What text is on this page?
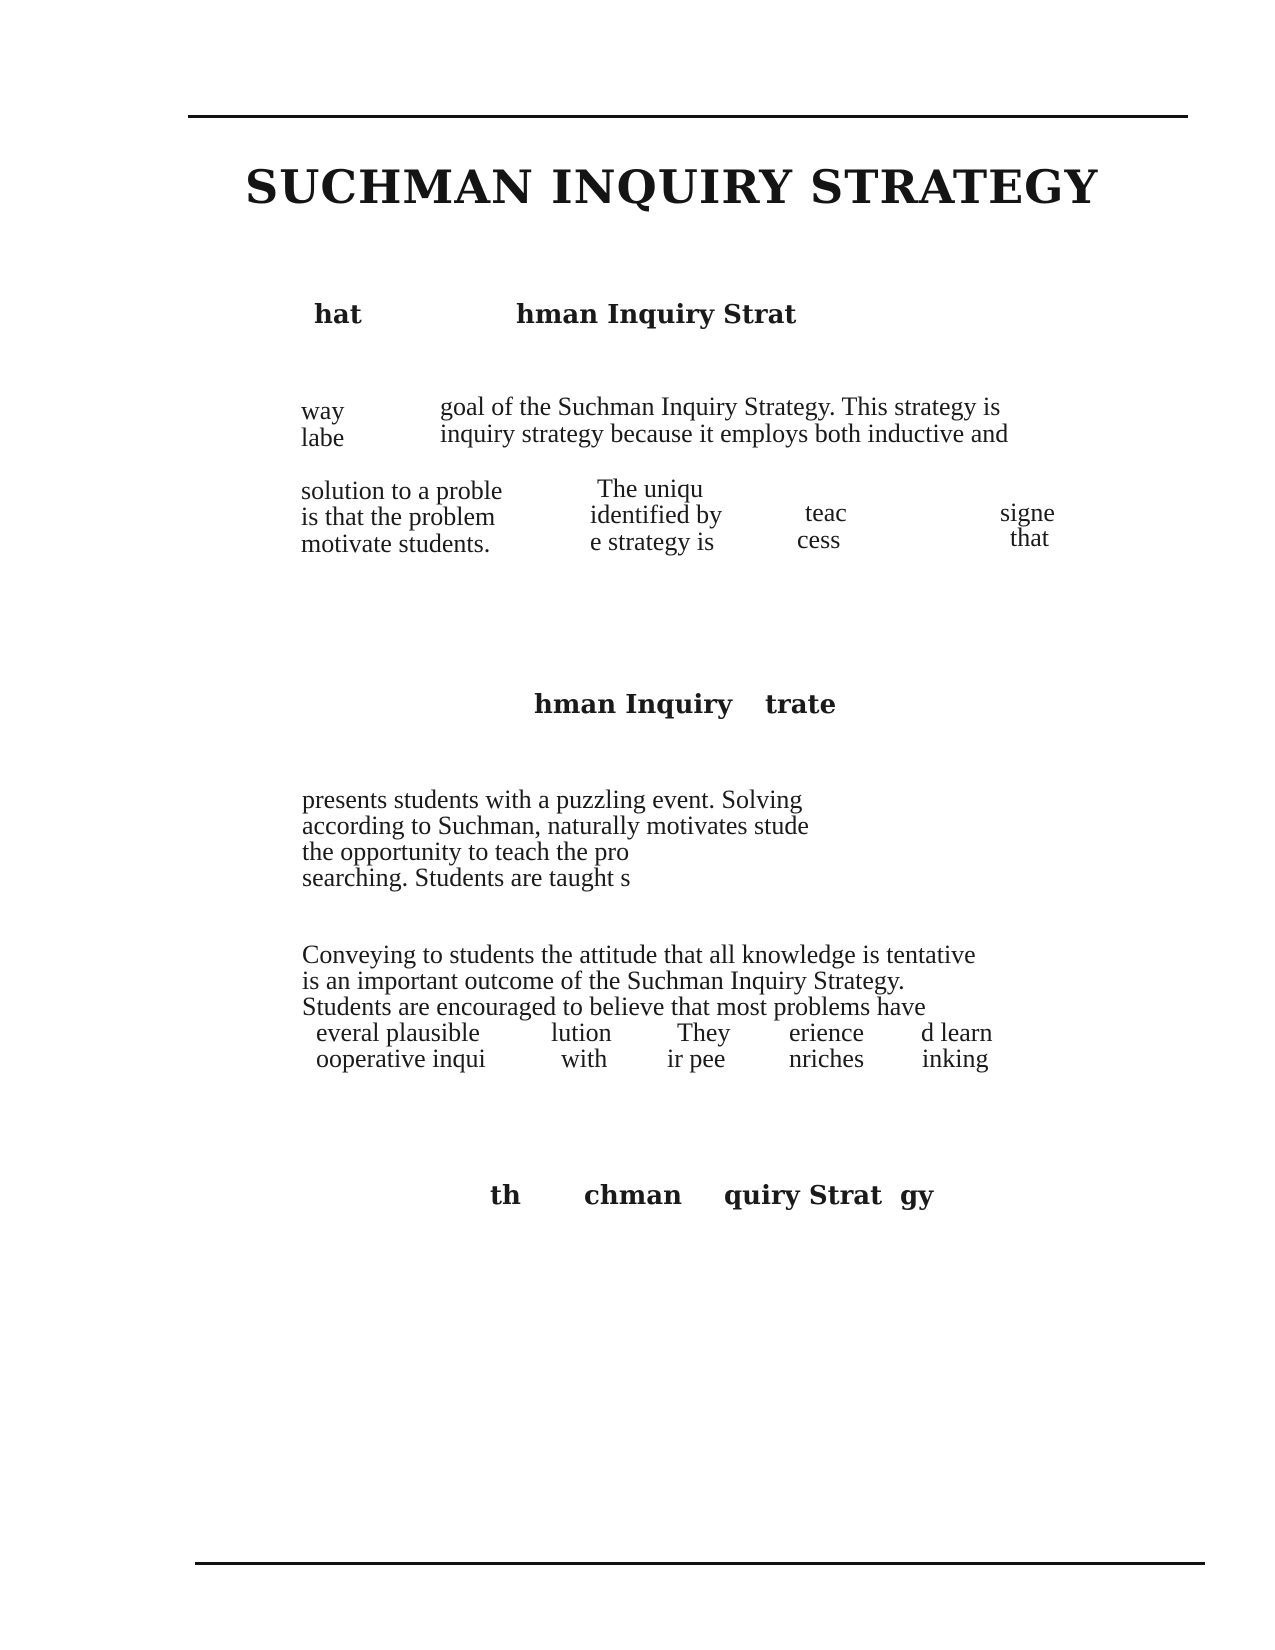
SUCHMAN INQUIRY STRATEGY
hat	hman Inquiry Strat
way
labe
goal of the Suchman Inquiry Strategy. This strategy is
inquiry strategy because it employs both inductive and
solution to a proble
is that the problem
motivate students.
The uniqu
identified by
e strategy is
teac
cess
signe
that
hman Inquiry trate
presents students with a puzzling event. Solving
according to Suchman, naturally motivates stude
the opportunity to teach the pro
searching. Students are taught s
Conveying to students the attitude that all knowledge is tentative
is an important outcome of the Suchman Inquiry Strategy.
Students are encouraged to believe that most problems have
everal plausible	lution	They erience d learn
ooperative inqui	with ir pee nriches inking
th chman quiry Strat gy
